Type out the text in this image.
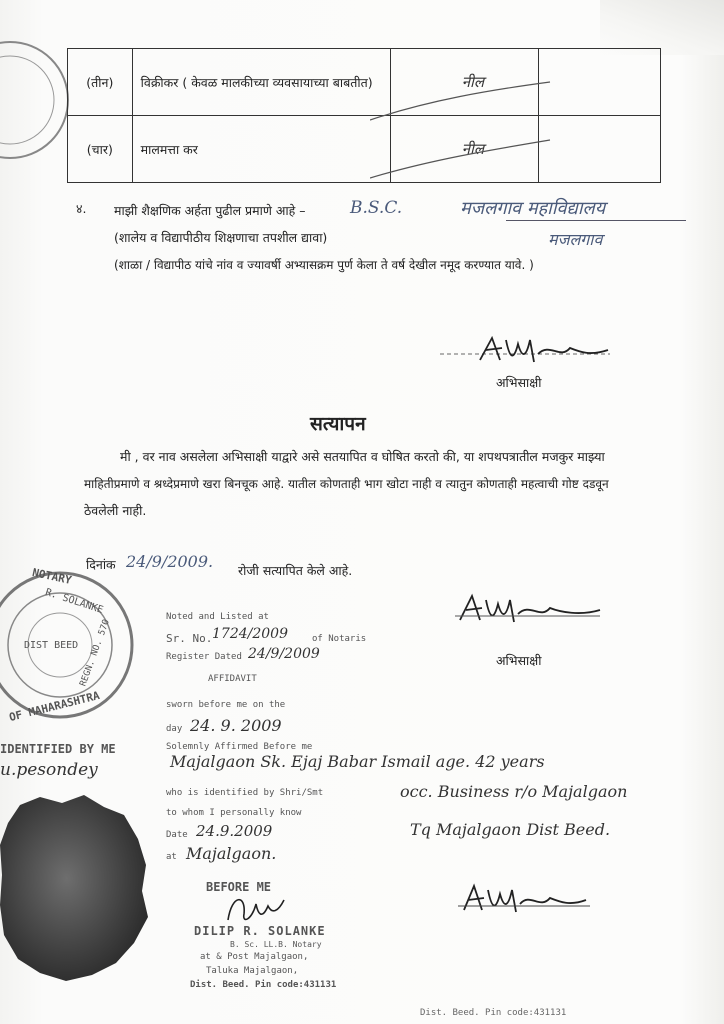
(तीन)	विक्रीकर ( केवळ मालकीच्या व्यवसायाच्या बाबतीत)	नील	
(चार)	मालमत्ता कर	नील	
४. माझी शैक्षणिक अर्हता पुढील प्रमाणे आहे –
(शालेय व विद्यापीठीय शिक्षणाचा तपशील द्यावा)
(शाळा / विद्यापीठ यांचे नांव व ज्यावर्षी अभ्यासक्रम पुर्ण केला ते वर्ष देखील नमूद करण्यात यावे. )
B.S.C.	मजलगाव महाविद्यालय
मजलगाव
अभिसाक्षी
सत्यापन
मी , वर नाव असलेला अभिसाक्षी याद्वारे असे सतयापित व घोषित करतो की, या शपथपत्रातील मजकुर माझ्या
माहितीप्रमाणे व श्रध्देप्रमाणे खरा बिनचूक आहे. यातील कोणताही भाग खोटा नाही व त्यातुन कोणताही महत्वाची गोष्ट दडवून
ठेवलेली नाही.
दिनांक 24/9/2009. रोजी सत्यापित केले आहे.
अभिसाक्षी
NOTARY
R. SOLANKE
DIST BEED REGN. NO. 570
OF MAHARASHTRA
IDENTIFIED BY ME
u.pesondey
Noted and Listed at
Sr. No. 1724/2009	of Notaris
Register Dated 24/9/2009
AFFIDAVIT
sworn before me on the
day 24. 9. 2009
Solemnly Affirmed Before me
Majalgaon Sk. Ejaj Babar Ismail age. 42 years
who is identified by Shri/Smt	occ. Business r/o Majalgaon
to whom I personally know
Tq Majalgaon Dist Beed.
Date 24.9.2009
at Majalgaon.
BEFORE ME
DILIP R. SOLANKE
B. Sc. LL.B. Notary
at & Post Majalgaon,
Taluka Majalgaon,
Dist. Beed. Pin code:431131
Dist. Beed. Pin code:431131
